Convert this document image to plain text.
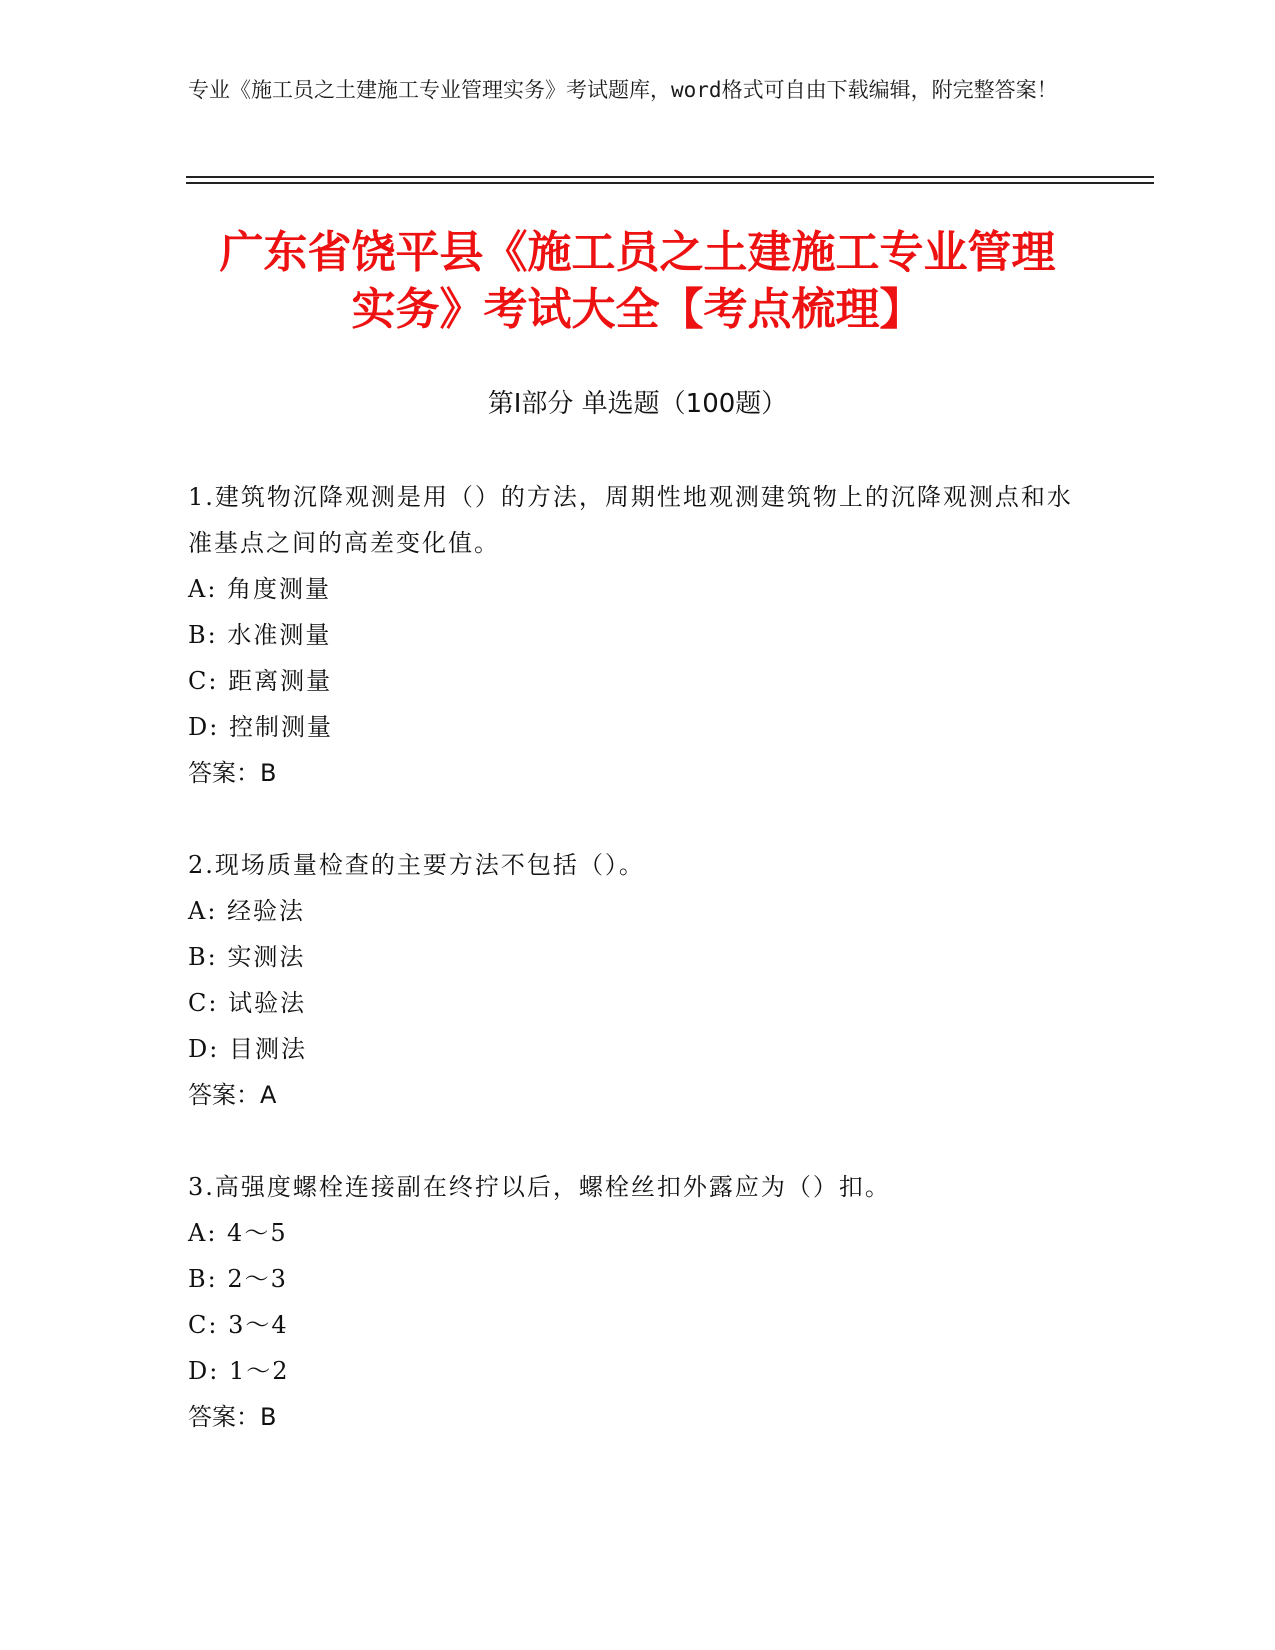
专业《施工员之土建施工专业管理实务》考试题库，word格式可自由下载编辑，附完整答案！
广东省饶平县《施工员之土建施工专业管理
实务》考试大全【考点梳理】
第Ⅰ部分 单选题（100题）
1.建筑物沉降观测是用（）的方法，周期性地观测建筑物上的沉降观测点和水准基点之间的高差变化值。
A: 角度测量
B: 水准测量
C: 距离测量
D: 控制测量
答案：B
2.现场质量检查的主要方法不包括（）。
A: 经验法
B: 实测法
C: 试验法
D: 目测法
答案：A
3.高强度螺栓连接副在终拧以后，螺栓丝扣外露应为（）扣。
A: 4～5
B: 2～3
C: 3～4
D: 1～2
答案：B
